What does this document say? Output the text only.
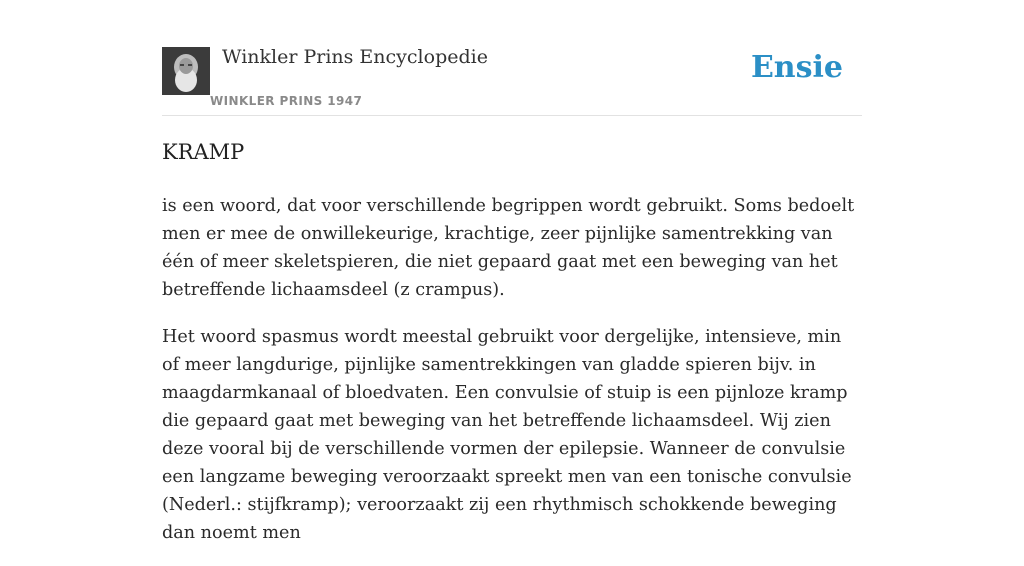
Winkler Prins Encyclopedie
WINKLER PRINS 1947
Ensie
KRAMP

is een woord, dat voor verschillende begrippen wordt gebruikt. Soms bedoelt men er mee de onwillekeurige, krachtige, zeer pijnlijke samentrekking van één of meer skeletspieren, die niet gepaard gaat met een beweging van het betreffende lichaamsdeel (z crampus).

Het woord spasmus wordt meestal gebruikt voor dergelijke, intensieve, min of meer langdurige, pijnlijke samentrekkingen van gladde spieren bijv. in maagdarmkanaal of bloedvaten. Een convulsie of stuip is een pijnloze kramp die gepaard gaat met beweging van het betreffende lichaamsdeel. Wij zien deze vooral bij de verschillende vormen der epilepsie. Wanneer de convulsie een langzame beweging veroorzaakt spreekt men van een tonische convulsie (Nederl.: stijfkramp); veroorzaakt zij een rhythmisch schokkende beweging dan noemt men
